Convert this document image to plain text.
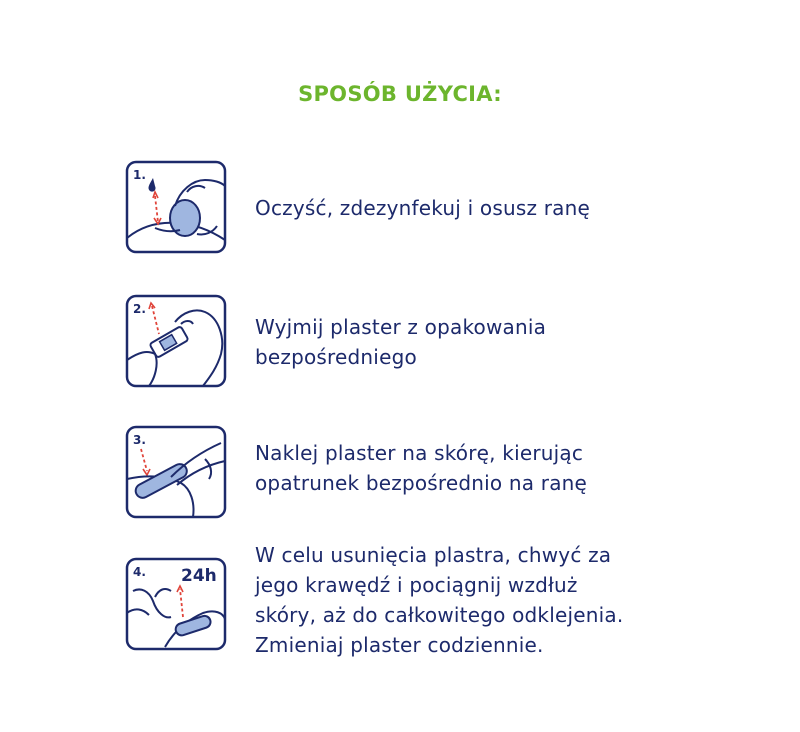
SPOSÓB UŻYCIA:
1.
Oczyść, zdezynfekuj i osusz ranę
2.
Wyjmij plaster z opakowania
bezpośredniego
3.
Naklej plaster na skórę, kierując
opatrunek bezpośrednio na ranę
4. 24h
W celu usunięcia plastra, chwyć za
jego krawędź i pociągnij wzdłuż
skóry, aż do całkowitego odklejenia.
Zmieniaj plaster codziennie.
